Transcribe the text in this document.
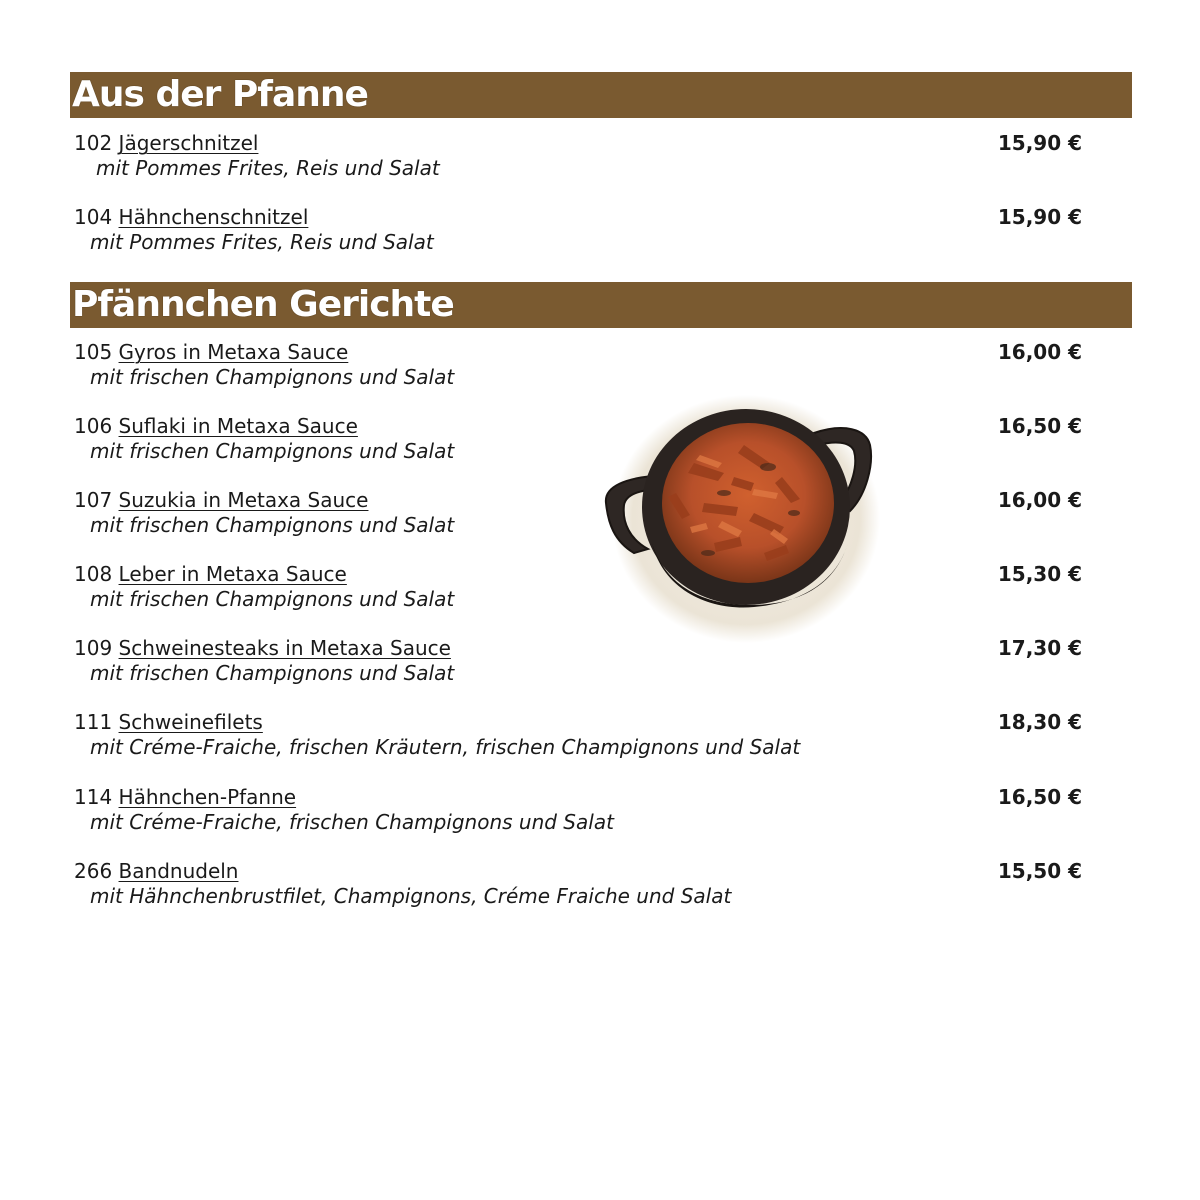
Aus der Pfanne
102 Jägerschnitzel
mit Pommes Frites, Reis und Salat
15,90 €
104 Hähnchenschnitzel
mit Pommes Frites, Reis und Salat
15,90 €
Pfännchen Gerichte
105 Gyros in Metaxa Sauce
mit frischen Champignons und Salat
16,00 €
106 Suflaki in Metaxa Sauce
mit frischen Champignons und Salat
16,50 €
107 Suzukia in Metaxa Sauce
mit frischen Champignons und Salat
16,00 €
108 Leber in Metaxa Sauce
mit frischen Champignons und Salat
15,30 €
109 Schweinesteaks in Metaxa Sauce
mit frischen Champignons und Salat
17,30 €
111 Schweinefilets
mit Créme-Fraiche, frischen Kräutern, frischen Champignons und Salat
18,30 €
114 Hähnchen-Pfanne
mit Créme-Fraiche, frischen Champignons und Salat
16,50 €
266 Bandnudeln
mit Hähnchenbrustfilet, Champignons, Créme Fraiche und Salat
15,50 €
